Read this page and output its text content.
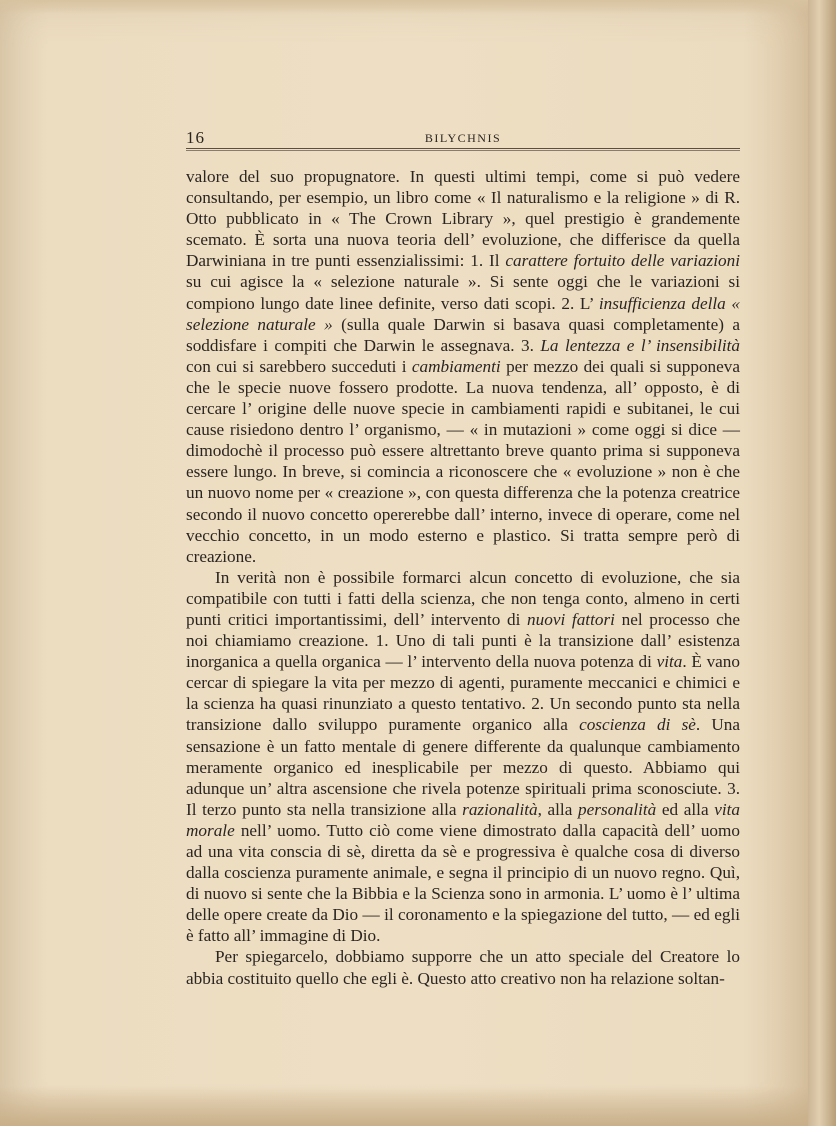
16	BILYCHNIS

valore del suo propugnatore. In questi ultimi tempi, come si può vedere consultando, per esempio, un libro come « Il naturalismo e la religione » di R. Otto pubblicato in « The Crown Library », quel prestigio è grandemente scemato. È sorta una nuova teoria dell’ evoluzione, che differisce da quella Darwiniana in tre punti essenzialissimi: 1. Il carattere fortuito delle variazioni su cui agisce la « selezione naturale ». Si sente oggi che le variazioni si compiono lungo date linee definite, verso dati scopi. 2. L’ insufficienza della « selezione naturale » (sulla quale Darwin si basava quasi completamente) a soddisfare i compiti che Darwin le assegnava. 3. La lentezza e l’ insensibilità con cui si sarebbero succeduti i cambiamenti per mezzo dei quali si supponeva che le specie nuove fossero prodotte. La nuova tendenza, all’ opposto, è di cercare l’ origine delle nuove specie in cambiamenti rapidi e subitanei, le cui cause risiedono dentro l’ organismo, — « in mutazioni » come oggi si dice — dimodochè il processo può essere altrettanto breve quanto prima si supponeva essere lungo. In breve, si comincia a riconoscere che « evoluzione » non è che un nuovo nome per « creazione », con questa differenza che la potenza creatrice secondo il nuovo concetto opererebbe dall’ interno, invece di operare, come nel vecchio concetto, in un modo esterno e plastico. Si tratta sempre però di creazione.

In verità non è possibile formarci alcun concetto di evoluzione, che sia compatibile con tutti i fatti della scienza, che non tenga conto, almeno in certi punti critici importantissimi, dell’ intervento di nuovi fattori nel processo che noi chiamiamo creazione. 1. Uno di tali punti è la transizione dall’ esistenza inorganica a quella organica — l’ intervento della nuova potenza di vita. È vano cercar di spiegare la vita per mezzo di agenti, puramente meccanici e chimici e la scienza ha quasi rinunziato a questo tentativo. 2. Un secondo punto sta nella transizione dallo sviluppo puramente organico alla coscienza di sè. Una sensazione è un fatto mentale di genere differente da qualunque cambiamento meramente organico ed inesplicabile per mezzo di questo. Abbiamo qui adunque un’ altra ascensione che rivela potenze spirituali prima sconosciute. 3. Il terzo punto sta nella transizione alla razionalità, alla personalità ed alla vita morale nell’ uomo. Tutto ciò come viene dimostrato dalla capacità dell’ uomo ad una vita conscia di sè, diretta da sè e progressiva è qualche cosa di diverso dalla coscienza puramente animale, e segna il principio di un nuovo regno. Quì, di nuovo si sente che la Bibbia e la Scienza sono in armonia. L’ uomo è l’ ultima delle opere create da Dio — il coronamento e la spiegazione del tutto, — ed egli è fatto all’ immagine di Dio.

Per spiegarcelo, dobbiamo supporre che un atto speciale del Creatore lo abbia costituito quello che egli è. Questo atto creativo non ha relazione soltan-
